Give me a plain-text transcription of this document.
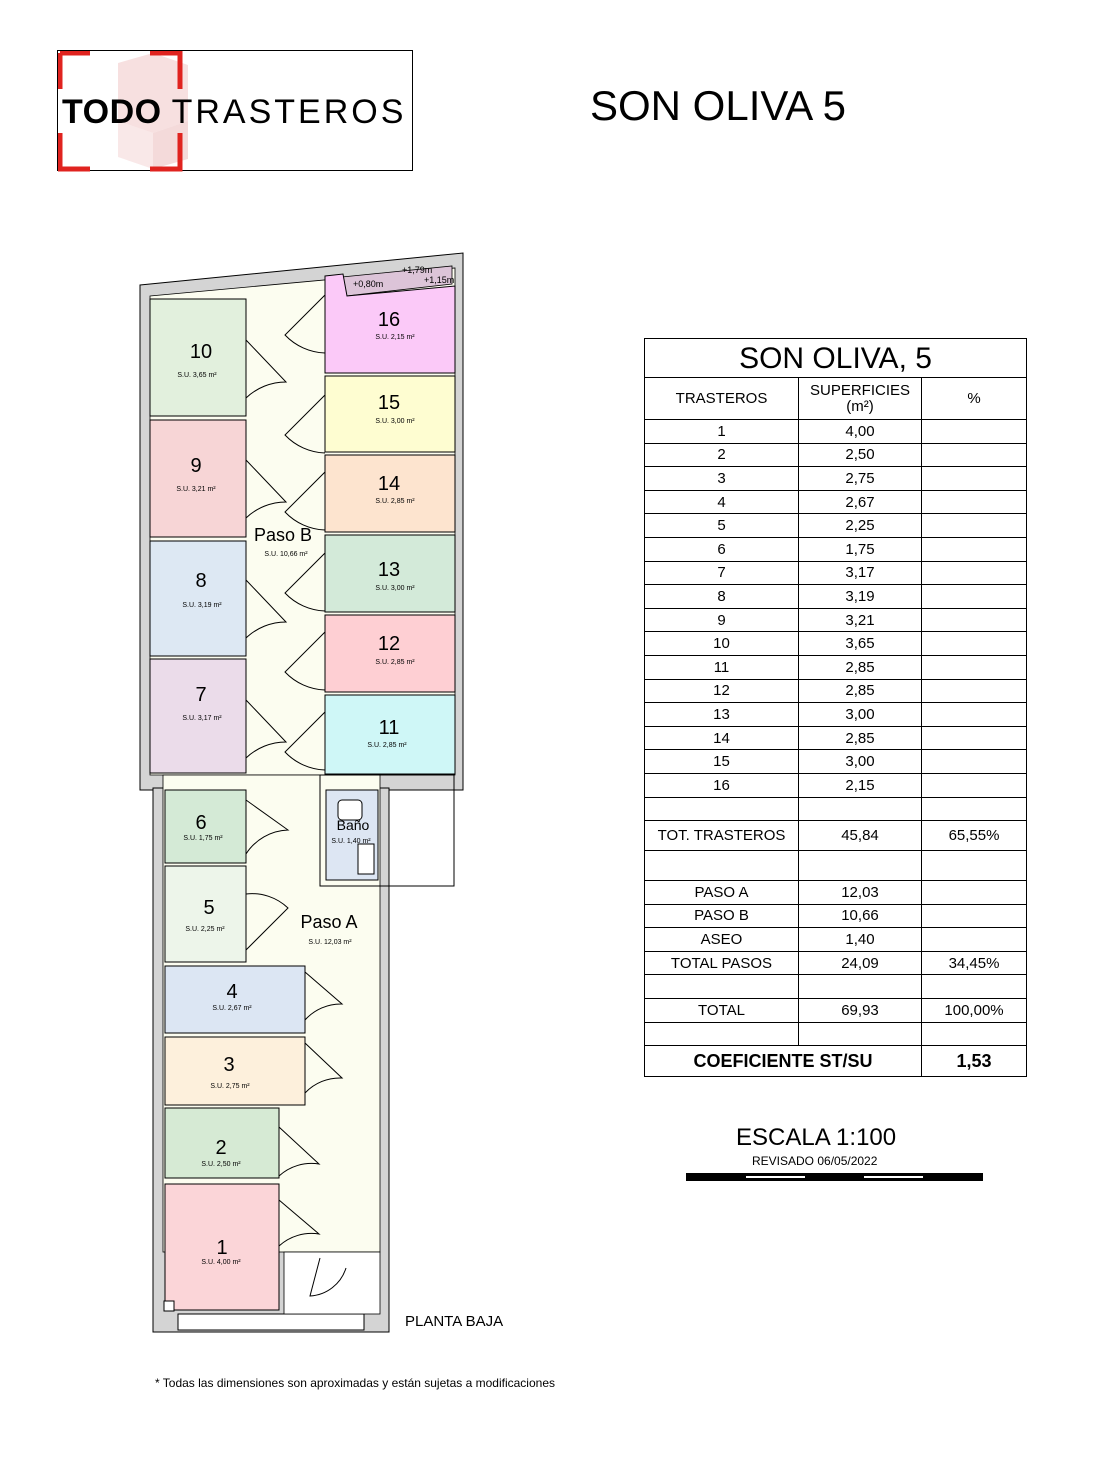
TODO TRASTEROS	SON OLIVA 5
+0,80m
+1,79m
+1,15m
1
S.U. 4,00 m²
2
S.U. 2,50 m²
3
S.U. 2,75 m²
4
S.U. 2,67 m²
5
S.U. 2,25 m²
6
S.U. 1,75 m²
7
S.U. 3,17 m²
8
S.U. 3,19 m²
9
S.U. 3,21 m²
10
S.U. 3,65 m²
11
S.U. 2,85 m²
12
S.U. 2,85 m²
13
S.U. 3,00 m²
14
S.U. 2,85 m²
15
S.U. 3,00 m²
16
S.U. 2,15 m²
Paso B
S.U. 10,66 m²
Paso A
S.U. 12,03 m²
Baño
S.U. 1,40 m²
SON OLIVA, 5		
TRASTEROS	SUPERFICIES
(m²)	%
1	4,00	
2	2,50	
3	2,75	
4	2,67	
5	2,25	
6	1,75	
7	3,17	
8	3,19	
9	3,21	
10	3,65	
11	2,85	
12	2,85	
13	3,00	
14	2,85	
15	3,00	
16	2,15	

TOT. TRASTEROS	45,84	65,55%

PASO A	12,03	
PASO B	10,66	
ASEO	1,40	
TOTAL PASOS	24,09	34,45%

TOTAL	69,93	100,00%

COEFICIENTE ST/SU		1,53
ESCALA 1:100
REVISADO 06/05/2022
PLANTA BAJA
* Todas las dimensiones son aproximadas y están sujetas a modificaciones
